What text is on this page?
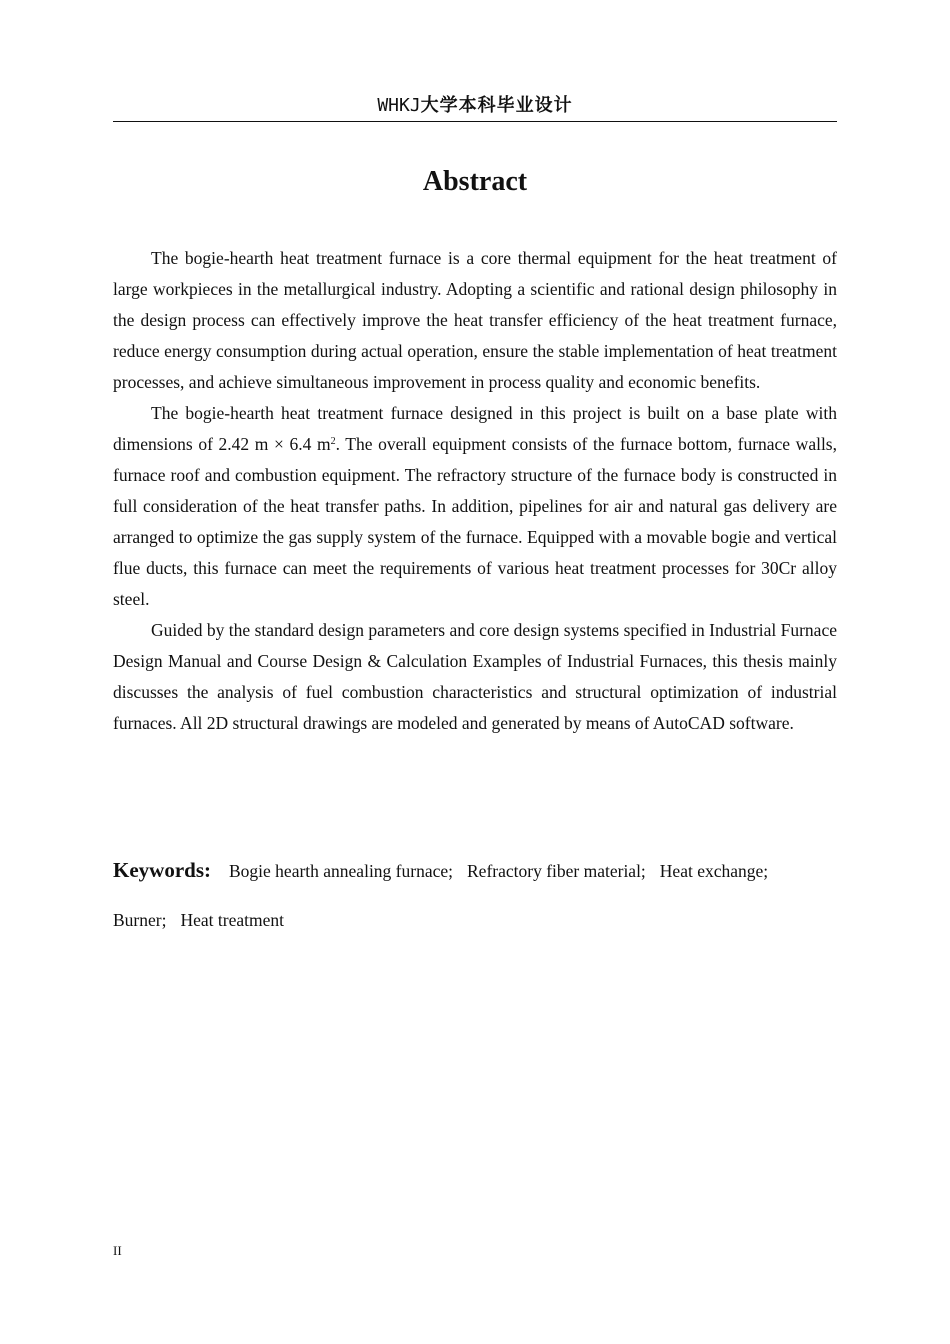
WHKJ大学本科毕业设计
Abstract

The bogie-hearth heat treatment furnace is a core thermal equipment for the heat treatment of large workpieces in the metallurgical industry. Adopting a scientific and rational design philosophy in the design process can effectively improve the heat transfer efficiency of the heat treatment furnace, reduce energy consumption during actual operation, ensure the stable implementation of heat treatment processes, and achieve simultaneous improvement in process quality and economic benefits.

The bogie-hearth heat treatment furnace designed in this project is built on a base plate with dimensions of 2.42 m × 6.4 $m^2$. The overall equipment consists of the furnace bottom, furnace walls, furnace roof and combustion equipment. The refractory structure of the furnace body is constructed in full consideration of the heat transfer paths. In addition, pipelines for air and natural gas delivery are arranged to optimize the gas supply system of the furnace. Equipped with a movable bogie and vertical flue ducts, this furnace can meet the requirements of various heat treatment processes for 30Cr alloy steel.

Guided by the standard design parameters and core design systems specified in Industrial Furnace Design Manual and Course Design & Calculation Examples of Industrial Furnaces, this thesis mainly discusses the analysis of fuel combustion characteristics and structural optimization of industrial furnaces. All 2D structural drawings are modeled and generated by means of AutoCAD software.

Keywords: Bogie hearth annealing furnace; Refractory fiber material; Heat exchange;
Burner; Heat treatment
II
